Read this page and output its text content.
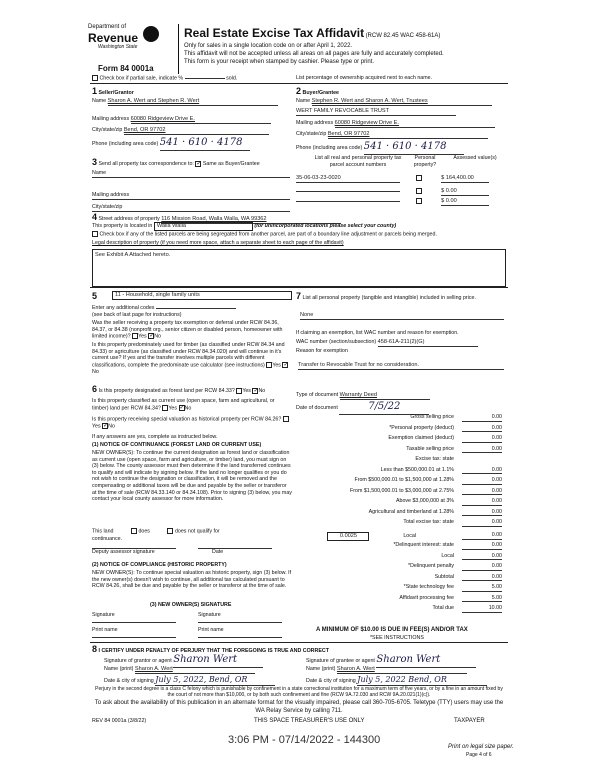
Department of
Revenue
Washington State
Form 84 0001a
Real Estate Excise Tax Affidavit (RCW 82.45 WAC 458-61A)
Only for sales in a single location code on or after April 1, 2022.
This affidavit will not be accepted unless all areas on all pages are fully and accurately completed.
This form is your receipt when stamped by cashier. Please type or print.
Check box if partial sale, indicate %	sold.	List percentage of ownership acquired next to each name.
1 Seller/Grantor
Name Sharon A. Wert and Stephen R. Wert
Mailing address 60080 Ridgeview Drive E.
City/state/zip Bend, OR 97702
Phone (including area code) 541 · 610 · 4178
2 Buyer/Grantee
Name Stephen R. Wert and Sharon A. Wert, Trustees
WERT FAMILY REVOCABLE TRUST
Mailing address 60080 Ridgeview Drive E.
City/state/zip Bend, OR 97702
Phone (including area code) 541 · 610 · 4178
3 Send all property tax correspondence to: ✓ Same as Buyer/Grantee
Name
Mailing address
City/state/zip
List all real and personal property tax parcel account numbers
Personal property?
Assessed value(s)
35-06-03-23-0020	$ 164,400.00
$ 0.00
$ 0.00
4 Street address of property 116 Mission Road, Walla Walla, WA 99362
This property is located in Walla Walla	(for unincorporated locations please select your county)
Check box if any of the listed parcels are being segregated from another parcel, are part of a boundary line adjustment or parcels being merged.
Legal description of property (if you need more space, attach a separate sheet to each page of the affidavit)
See Exhibit A Attached hereto.
5	11 - Household, single family units
Enter any additional codes
(see back of last page for instructions)
Was the seller receiving a property tax exemption or deferral under RCW 84.36, 84.37, or 84.38 (nonprofit org., senior citizen or disabled person, homeowner with limited income)? Yes ✓No
Is this property predominately used for timber (as classified under RCW 84.34 and 84.33) or agriculture (as classified under RCW 84.34.020) and will continue in it's current use? If yes and the transfer involves multiple parcels with different classifications, complete the predominate use calculator (see instructions) Yes ✓No
6 Is this property designated as forest land per RCW 84.33? Yes ✓No
Is this property classified as current use (open space, farm and agricultural, or timber) land per RCW 84.34? Yes ✓No
Is this property receiving special valuation as historical property per RCW 84.26? Yes ✓No
If any answers are yes, complete as instructed below.
(1) NOTICE OF CONTINUANCE (FOREST LAND OR CURRENT USE)
NEW OWNER(S): To continue the current designation as forest land or classification as current use (open space, farm and agriculture, or timber) land, you must sign on (3) below. The county assessor must then determine if the land transferred continues to qualify and will indicate by signing below. If the land no longer qualifies or you do not wish to continue the designation or classification, it will be removed and the compensating or additional taxes will be due and payable by the seller or transferor at the time of sale (RCW 84.33.140 or 84.34.108). Prior to signing (3) below, you may contact your local county assessor for more information.
This land	does	does not qualify for
continuance.
Deputy assessor signature	Date
(2) NOTICE OF COMPLIANCE (HISTORIC PROPERTY)
NEW OWNER(S): To continue special valuation as historic property, sign (3) below. If the new owner(s) doesn't wish to continue, all additional tax calculated pursuant to RCW 84.26, shall be due and payable by the seller or transferor at the time of sale.
(3) NEW OWNER(S) SIGNATURE
Signature	Signature
Print name	Print name
7 List all personal property (tangible and intangible) included in selling price.
None
If claiming an exemption, list WAC number and reason for exemption.
WAC number (section/subsection) 458-61A-211(2)(G)
Reason for exemption
Transfer to Revocable Trust for no consideration.
Type of document Warranty Deed
Date of document	7/5/22
Gross selling price	0.00
*Personal property (deduct)	0.00
Exemption claimed (deduct)	0.00
Taxable selling price	0.00
Excise tax: state
Less than $500,000.01 at 1.1%	0.00
From $500,000.01 to $1,500,000 at 1.28%	0.00
From $1,500,000.01 to $3,000,000 at 2.75%	0.00
Above $3,000,000 at 3%	0.00
Agricultural and timberland at 1.28%	0.00
Total excise tax: state	0.00
Local 0.0025	0.00
*Delinquent interest: state	0.00
Local	0.00
*Delinquent penalty	0.00
Subtotal	0.00
*State technology fee	5.00
Affidavit processing fee	5.00
Total due	10.00
A MINIMUM OF $10.00 IS DUE IN FEE(S) AND/OR TAX
*SEE INSTRUCTIONS
8 I CERTIFY UNDER PENALTY OF PERJURY THAT THE FOREGOING IS TRUE AND CORRECT
Signature of grantor or agent Sharon Wert
Name (print) Sharon A. Wert
Date & city of signing July 5, 2022, Bend, OR
Signature of grantee or agent Sharon Wert
Name (print) Sharon A. Wert
Date & city of signing July 5, 2022 Bend, OR
Perjury in the second degree is a class C felony which is punishable by confinement in a state correctional institution for a maximum term of five years, or by a fine in an amount fixed by the court of not more than $10,000, or by both such confinement and fine (RCW 9A.72.030 and RCW 9A.20.021(1)(c)).
To ask about the availability of this publication in an alternate format for the visually impaired, please call 360-705-6705. Teletype (TTY) users may use the WA Relay Service by calling 711.
REV 84 0001a (3/8/22)	THIS SPACE TREASURER'S USE ONLY	TAXPAYER
3:06 PM - 07/14/2022 - 144300
Print on legal size paper.
Page 4 of 6
